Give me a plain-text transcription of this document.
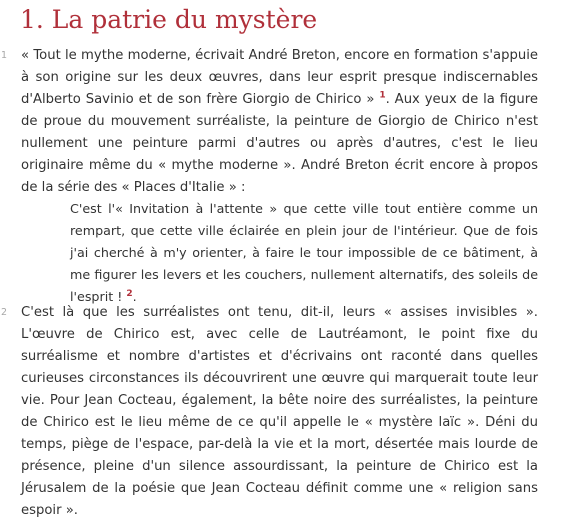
1. La patrie du mystère
1 « Tout le mythe moderne, écrivait André Breton, encore en formation s'appuie à son origine sur les deux œuvres, dans leur esprit presque indiscernables d'Alberto Savinio et de son frère Giorgio de Chirico » $^1$. Aux yeux de la figure de proue du mouvement surréaliste, la peinture de Giorgio de Chirico n'est nullement une peinture parmi d'autres ou après d'autres, c'est le lieu originaire même du « mythe moderne ». André Breton écrit encore à propos de la série des « Places d'Italie » :

C'est l'« Invitation à l'attente » que cette ville tout entière comme un rempart, que cette ville éclairée en plein jour de l'intérieur. Que de fois j'ai cherché à m'y orienter, à faire le tour impossible de ce bâtiment, à me figurer les levers et les couchers, nullement alternatifs, des soleils de l'esprit ! $^2$.
2 C'est là que les surréalistes ont tenu, dit-il, leurs « assises invisibles ». L'œuvre de Chirico est, avec celle de Lautréamont, le point fixe du surréalisme et nombre d'artistes et d'écrivains ont raconté dans quelles curieuses circonstances ils découvrirent une œuvre qui marquerait toute leur vie. Pour Jean Cocteau, également, la bête noire des surréalistes, la peinture de Chirico est le lieu même de ce qu'il appelle le « mystère laïc ». Déni du temps, piège de l'espace, par-delà la vie et la mort, désertée mais lourde de présence, pleine d'un silence assourdissant, la peinture de Chirico est la Jérusalem de la poésie que Jean Cocteau définit comme une « religion sans espoir ».
